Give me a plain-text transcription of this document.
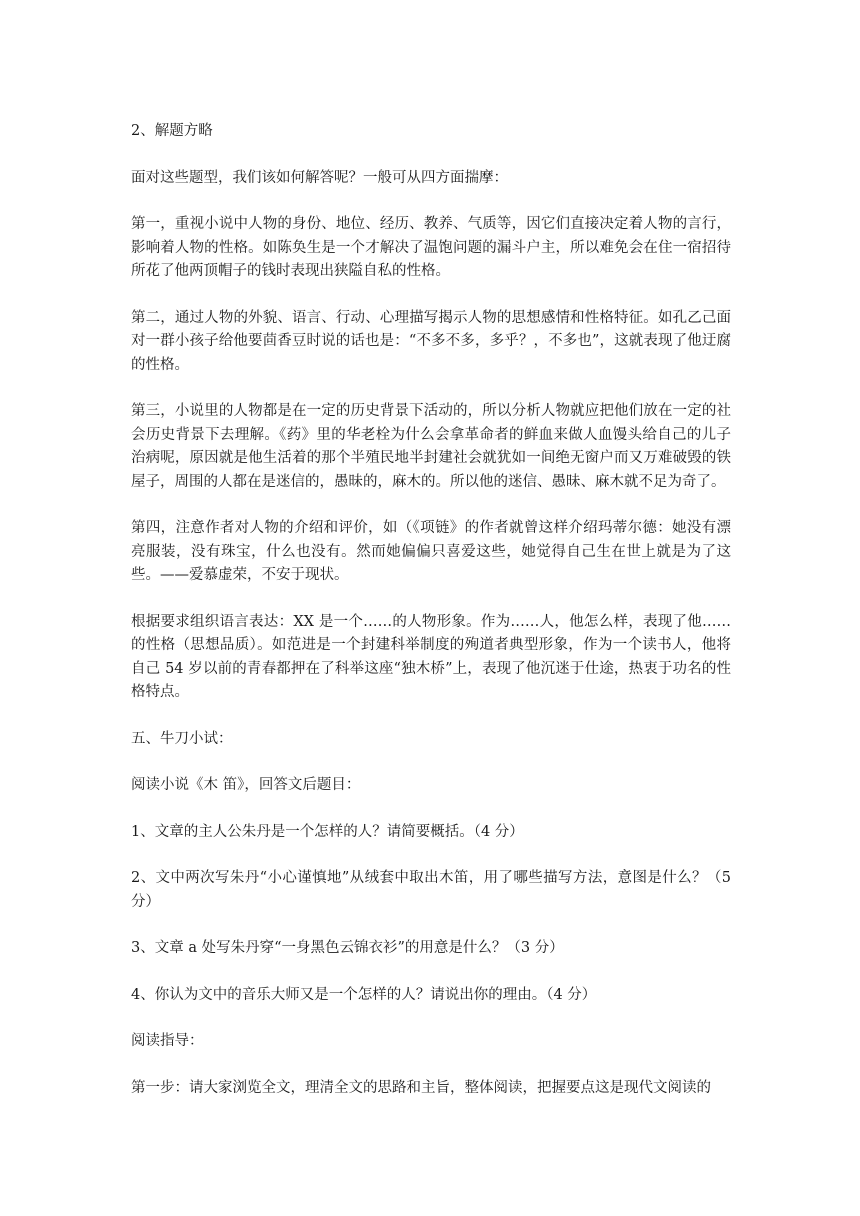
2、解题方略

面对这些题型，我们该如何解答呢？一般可从四方面揣摩：

第一，重视小说中人物的身份、地位、经历、教养、气质等，因它们直接决定着人物的言行，影响着人物的性格。如陈奂生是一个才解决了温饱问题的漏斗户主，所以难免会在住一宿招待所花了他两顶帽子的钱时表现出狭隘自私的性格。

第二，通过人物的外貌、语言、行动、心理描写揭示人物的思想感情和性格特征。如孔乙己面对一群小孩子给他要茴香豆时说的话也是：“不多不多，多乎？，不多也”，这就表现了他迂腐的性格。

第三，小说里的人物都是在一定的历史背景下活动的，所以分析人物就应把他们放在一定的社会历史背景下去理解。《药》里的华老栓为什么会拿革命者的鲜血来做人血馒头给自己的儿子治病呢，原因就是他生活着的那个半殖民地半封建社会就犹如一间绝无窗户而又万难破毁的铁屋子，周围的人都在是迷信的，愚昧的，麻木的。所以他的迷信、愚昧、麻木就不足为奇了。

第四，注意作者对人物的介绍和评价，如（《项链》的作者就曾这样介绍玛蒂尔德：她没有漂亮服装，没有珠宝，什么也没有。然而她偏偏只喜爱这些，她觉得自己生在世上就是为了这些。——爱慕虚荣，不安于现状。

根据要求组织语言表达：XX 是一个……的人物形象。作为……人，他怎么样，表现了他……的性格（思想品质）。如范进是一个封建科举制度的殉道者典型形象，作为一个读书人，他将自己 54 岁以前的青春都押在了科举这座“独木桥”上，表现了他沉迷于仕途，热衷于功名的性格特点。

五、牛刀小试：

阅读小说《木 笛》，回答文后题目：

1、文章的主人公朱丹是一个怎样的人？请简要概括。（4 分）

2、文中两次写朱丹“小心谨慎地”从绒套中取出木笛，用了哪些描写方法，意图是什么？（5 分）

3、文章 a 处写朱丹穿“一身黑色云锦衣衫”的用意是什么？（3 分）

4、你认为文中的音乐大师又是一个怎样的人？请说出你的理由。（4 分）

阅读指导：

第一步：请大家浏览全文，理清全文的思路和主旨，整体阅读，把握要点这是现代文阅读的
